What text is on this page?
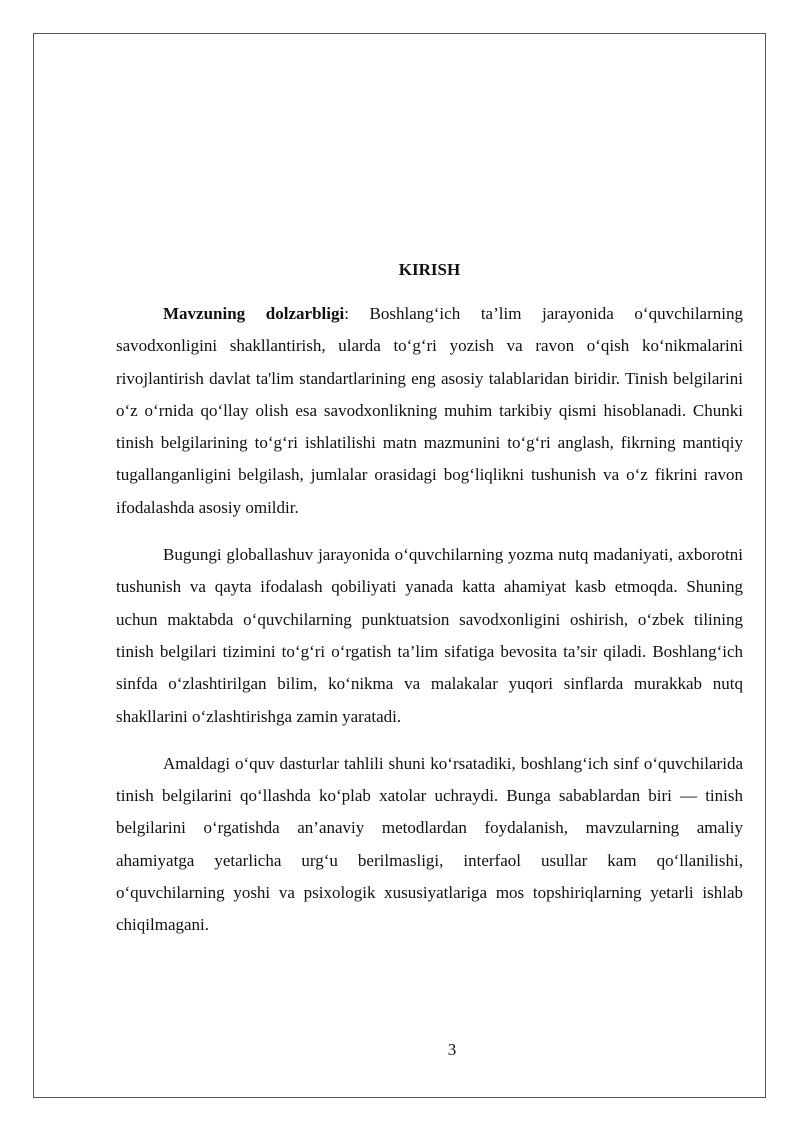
KIRISH

Mavzuning dolzarbligi: Boshlang‘ich ta’lim jarayonida o‘quvchilarning savodxonligini shakllantirish, ularda to‘g‘ri yozish va ravon o‘qish ko‘nikmalarini rivojlantirish davlat ta'lim standartlarining eng asosiy talablaridan biridir. Tinish belgilarini o‘z o‘rnida qo‘llay olish esa savodxonlikning muhim tarkibiy qismi hisoblanadi. Chunki tinish belgilarining to‘g‘ri ishlatilishi matn mazmunini to‘g‘ri anglash, fikrning mantiqiy tugallanganligini belgilash, jumlalar orasidagi bog‘liqlikni tushunish va o‘z fikrini ravon ifodalashda asosiy omildir.

Bugungi globallashuv jarayonida o‘quvchilarning yozma nutq madaniyati, axborotni tushunish va qayta ifodalash qobiliyati yanada katta ahamiyat kasb etmoqda. Shuning uchun maktabda o‘quvchilarning punktuatsion savodxonligini oshirish, o‘zbek tilining tinish belgilari tizimini to‘g‘ri o‘rgatish ta’lim sifatiga bevosita ta’sir qiladi. Boshlang‘ich sinfda o‘zlashtirilgan bilim, ko‘nikma va malakalar yuqori sinflarda murakkab nutq shakllarini o‘zlashtirishga zamin yaratadi.

Amaldagi o‘quv dasturlar tahlili shuni ko‘rsatadiki, boshlang‘ich sinf o‘quvchilarida tinish belgilarini qo‘llashda ko‘plab xatolar uchraydi. Bunga sabablardan biri — tinish belgilarini o‘rgatishda an’anaviy metodlardan foydalanish, mavzularning amaliy ahamiyatga yetarlicha urg‘u berilmasligi, interfaol usullar kam qo‘llanilishi, o‘quvchilarning yoshi va psixologik xususiyatlariga mos topshiriqlarning yetarli ishlab chiqilmagani.

3
